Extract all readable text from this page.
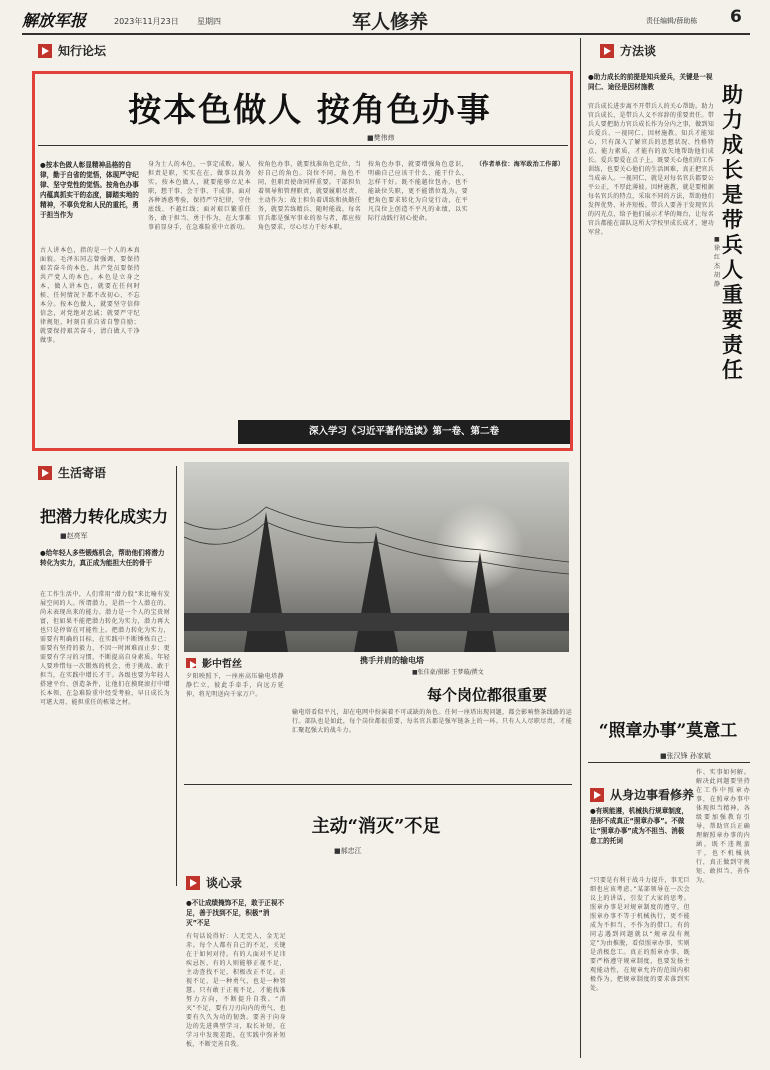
解放军报	2023年11月23日 星期四	军人修养	责任编辑/薛助栋 6
知行论坛
按本色做人 按角色办事
■樊伟炜
●按本色做人彰显精神品格的自律，勤于自省的觉悟，体现严守纪律、坚守党性的觉悟。按角色办事内蕴真抓实干的态度，脚踏实地的精神，不辜负党和人民的重托，勇于担当作为
古人讲本色，指的是一个人的本真面貌。毛泽东同志曾强调，要保持艰苦奋斗的本色，共产党员要保持共产党人的本色。本色是立身之本，做人讲本色，就要在任何时候、任何情况下都不改初心、不忘本分。按本色做人，就要坚守信仰信念，对党绝对忠诚；就要严守纪律规矩，时刻自重自省自警自励；就要保持艰苦奋斗，清白做人干净做事。
身为士人的本色，一事定成败。履人担责是职，实实在在，做事以真务实。按本色做人，就要能够立足本职，想干事、会干事、干成事。面对各种诱惑考验，保持严守纪律，守住底线、不越红线；面对艰巨繁重任务，敢于担当、勇于作为，在大事难事前显身手，在急难险重中立新功。
按角色办事，就要找准角色定位，当好自己的角色。岗位不同，角色不同，但职责使命同样重要。干部担负着领导和管理职责，就要履职尽责、主动作为；战士担负着训练和执勤任务，就要苦练精兵、随时能战。每名官兵都是强军事业的参与者，都应按角色要求，尽心尽力干好本职。
按角色办事，就要增强角色意识，明确自己应该干什么、能干什么、怎样干好。既不能越位包办，也不能缺位失职，更不能错位乱为。要把角色要求转化为自觉行动，在平凡岗位上创造不平凡的业绩，以实际行动践行初心使命。
（作者单位：海军政治工作部）
深入学习《习近平著作选读》第一卷、第二卷
生活寄语
把潜力转化成实力
■赵亮军
●给年轻人多些锻炼机会，帮助他们将潜力转化为实力，真正成为能担大任的骨干
在工作生活中，人们常用“潜力股”来比喻有发展空间的人。所谓潜力，是指一个人潜在的、尚未表现出来的能力。潜力是一个人的宝贵财富，但如果不能把潜力转化为实力，潜力再大也只是停留在可能性上。把潜力转化为实力，需要有明确的目标，在实践中不断锤炼自己；需要有坚持的毅力，不因一时困难而止步；更需要有学习的习惯，不断提高自身素质。年轻人要珍惜每一次锻炼的机会，勇于挑战、敢于担当，在实践中增长才干。各级也要为年轻人搭建平台、创造条件，让他们在摸爬滚打中增长本领、在急难险重中经受考验，早日成长为可堪大用、能担重任的栋梁之材。
携手并肩的输电塔
影中哲丝
夕阳映照下，一座座高压输电塔静静伫立，彼此手牵手，向远方延伸，将光明送向千家万户。
■张佳豪/摄影 王梦璇/撰文
每个岗位都很重要
输电塔看似平凡，却在电网中扮演着不可或缺的角色。任何一座塔出现问题，都会影响整条线路的运行。部队也是如此，每个岗位都很重要，每名官兵都是强军链条上的一环。只有人人尽职尽责，才能汇聚起强大的战斗力。
主动“消灭”不足
■郝忠江
谈心录
●不让成绩掩饰不足，敢于正视不足，善于找到不足，积极“消灭”不足
有句话说得好：人无完人，金无足赤。每个人都有自己的不足，关键在于如何对待。有的人面对不足讳疾忌医，有的人则能够正视不足，主动查找不足，积极改正不足。正视不足，是一种勇气，也是一种智慧。只有敢于正视不足，才能找准努力方向，不断提升自我。“消灭”不足，要有刀刃向内的勇气，也要有久久为功的韧劲。要善于向身边的先进典型学习，取长补短，在学习中发现差距，在实践中弥补短板，不断完善自我。
方法谈
●助力成长的前提是知兵爱兵，关键是一视同仁、途径是因材施教
官兵成长进步离不开带兵人的关心帮助。助力官兵成长，是带兵人义不容辞的重要责任。带兵人要把助力官兵成长作为分内之事，做到知兵爱兵、一视同仁、因材施教。知兵才能知心，只有深入了解官兵的思想状况、性格特点、能力素质，才能有的放矢地帮助他们成长。爱兵要爱在点子上，既要关心他们的工作训练，也要关心他们的生活困难，真正把官兵当成亲人。一视同仁，就是对每名官兵都要公平公正，不厚此薄彼。因材施教，就是要根据每名官兵的特点，采取不同的方法，帮助他们发挥优势、补齐短板。带兵人要善于发现官兵的闪光点，给予他们展示才华的舞台，让每名官兵都能在部队这所大学校里成长成才，建功军营。
助力成长是带兵人重要责任
■徐红杰 胡静
“照章办事”莫意工
■张汉锋 孙家斌
从身边事看修养
●有规能遵，机械执行规章制度，是形不成真正“照章办事”。不做让“照章办事”成为不担当、消极怠工的托词
“只要是有利于战斗力提升，事无巨细也应该考虑。”某部领导在一次会议上的讲话，引发了大家的思考。照章办事是对规章制度的遵守，但照章办事不等于机械执行，更不能成为不担当、不作为的借口。有的同志遇到问题就以“规章没有规定”为由推脱，看似照章办事，实则是消极怠工。真正的照章办事，既要严格遵守规章制度，也要发扬主观能动性，在规章允许的范围内积极作为，把规章制度的要求落到实处。
作、实事如何解。解决此问题要坚持在工作中照章办事，在照章办事中体现担当精神。各级要加强教育引导，帮助官兵正确理解照章办事的内涵，既不违规蛮干，也不机械执行，真正做到守规矩、敢担当、善作为。
